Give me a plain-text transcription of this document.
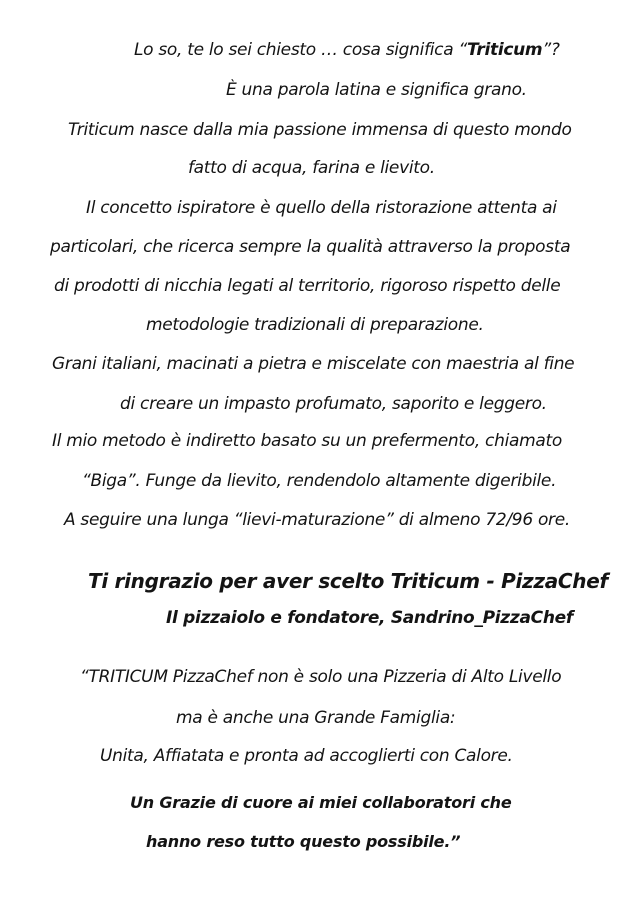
Lo so, te lo sei chiesto … cosa significa “Triticum”?
È una parola latina e significa grano.
Triticum nasce dalla mia passione immensa di questo mondo
fatto di acqua, farina e lievito.
Il concetto ispiratore è quello della ristorazione attenta ai
particolari, che ricerca sempre la qualità attraverso la proposta
di prodotti di nicchia legati al territorio, rigoroso rispetto delle
metodologie tradizionali di preparazione.
Grani italiani, macinati a pietra e miscelate con maestria al fine
di creare un impasto profumato, saporito e leggero.
Il mio metodo è indiretto basato su un prefermento, chiamato
“Biga”. Funge da lievito, rendendolo altamente digeribile.
A seguire una lunga “lievi-maturazione” di almeno 72/96 ore.
Ti ringrazio per aver scelto Triticum - PizzaChef
Il pizzaiolo e fondatore, Sandrino_PizzaChef
“TRITICUM PizzaChef non è solo una Pizzeria di Alto Livello
ma è anche una Grande Famiglia:
Unita, Affiatata e pronta ad accoglierti con Calore.
Un Grazie di cuore ai miei collaboratori che
hanno reso tutto questo possibile.”
